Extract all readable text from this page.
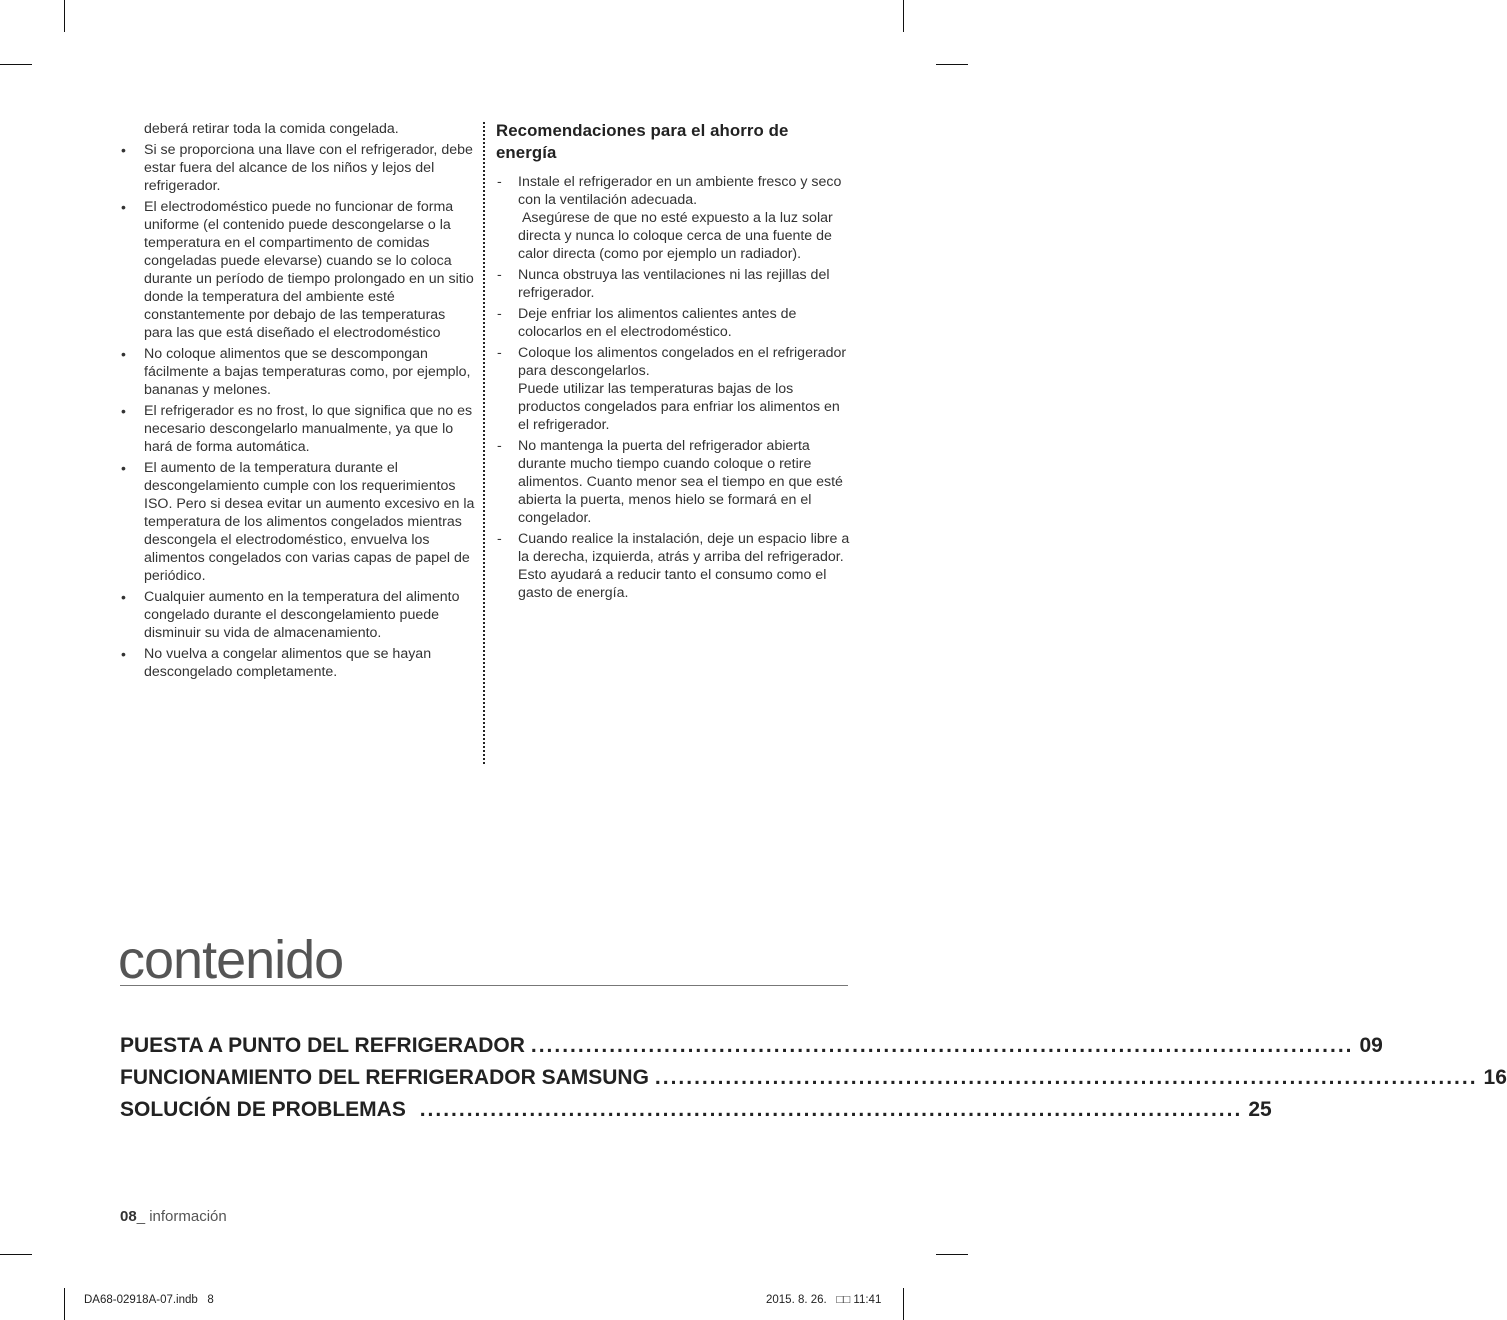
deberá retirar toda la comida congelada.

• Si se proporciona una llave con el refrigerador, debe estar fuera del alcance de los niños y lejos del refrigerador.
• El electrodoméstico puede no funcionar de forma uniforme (el contenido puede descongelarse o la temperatura en el compartimento de comidas congeladas puede elevarse) cuando se lo coloca durante un período de tiempo prolongado en un sitio donde la temperatura del ambiente esté constantemente por debajo de las temperaturas para las que está diseñado el electrodoméstico
• No coloque alimentos que se descompongan fácilmente a bajas temperaturas como, por ejemplo, bananas y melones.
• El refrigerador es no frost, lo que significa que no es necesario descongelarlo manualmente, ya que lo hará de forma automática.
• El aumento de la temperatura durante el descongelamiento cumple con los requerimientos ISO. Pero si desea evitar un aumento excesivo en la temperatura de los alimentos congelados mientras descongela el electrodoméstico, envuelva los alimentos congelados con varias capas de papel de periódico.
• Cualquier aumento en la temperatura del alimento congelado durante el descongelamiento puede disminuir su vida de almacenamiento.
• No vuelva a congelar alimentos que se hayan descongelado completamente.
Recomendaciones para el ahorro de energía
- Instale el refrigerador en un ambiente fresco y seco con la ventilación adecuada.

Asegúrese de que no esté expuesto a la luz solar directa y nunca lo coloque cerca de una fuente de calor directa (como por ejemplo un radiador).

- Nunca obstruya las ventilaciones ni las rejillas del refrigerador.

- Deje enfriar los alimentos calientes antes de colocarlos en el electrodoméstico.

- Coloque los alimentos congelados en el refrigerador para descongelarlos.

Puede utilizar las temperaturas bajas de los productos congelados para enfriar los alimentos en el refrigerador.

- No mantenga la puerta del refrigerador abierta durante mucho tiempo cuando coloque o retire alimentos. Cuanto menor sea el tiempo en que esté abierta la puerta, menos hielo se formará en el congelador.

- Cuando realice la instalación, deje un espacio libre a la derecha, izquierda, atrás y arriba del refrigerador.

Esto ayudará a reducir tanto el consumo como el gasto de energía.

contenido
PUESTA A PUNTO DEL REFRIGERADOR ......................................................................................................... 09
FUNCIONAMIENTO DEL REFRIGERADOR SAMSUNG ......................................................................................................... 16
SOLUCIÓN DE PROBLEMAS ......................................................................................................... 25
08_ información
DA68-02918A-07.indb   8	2015. 8. 26.   □□ 11:41
